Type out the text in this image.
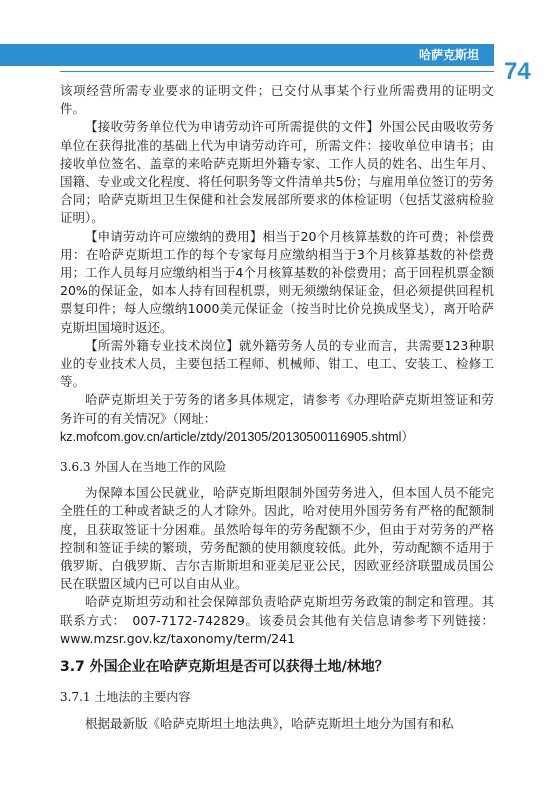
哈萨克斯坦
74

该项经营所需专业要求的证明文件；已交付从事某个行业所需费用的证明文件。

【接收劳务单位代为申请劳动许可所需提供的文件】外国公民由吸收劳务单位在获得批准的基础上代为申请劳动许可，所需文件：接收单位申请书；由接收单位签名、盖章的来哈萨克斯坦外籍专家、工作人员的姓名、出生年月、国籍、专业或文化程度、将任何职务等文件清单共5份；与雇用单位签订的劳务合同；哈萨克斯坦卫生保健和社会发展部所要求的体检证明（包括艾滋病检验证明）。

【申请劳动许可应缴纳的费用】相当于20个月核算基数的许可费；补偿费用：在哈萨克斯坦工作的每个专家每月应缴纳相当于3个月核算基数的补偿费用；工作人员每月应缴纳相当于4个月核算基数的补偿费用；高于回程机票金额20%的保证金，如本人持有回程机票，则无须缴纳保证金，但必须提供回程机票复印件；每人应缴纳1000美元保证金（按当时比价兑换成坚戈），离开哈萨克斯坦国境时返还。

【所需外籍专业技术岗位】就外籍劳务人员的专业而言，共需要123种职业的专业技术人员，主要包括工程师、机械师、钳工、电工、安装工、检修工等。

哈萨克斯坦关于劳务的诸多具体规定，请参考《办理哈萨克斯坦签证和劳务许可的有关情况》（网址：

kz.mofcom.gov.cn/article/ztdy/201305/20130500116905.shtml）

3.6.3 外国人在当地工作的风险

为保障本国公民就业，哈萨克斯坦限制外国劳务进入，但本国人员不能完全胜任的工种或者缺乏的人才除外。因此，哈对使用外国劳务有严格的配额制度，且获取签证十分困难。虽然哈每年的劳务配额不少，但由于对劳务的严格控制和签证手续的繁琐，劳务配额的使用额度较低。此外，劳动配额不适用于俄罗斯、白俄罗斯、吉尔吉斯斯坦和亚美尼亚公民，因欧亚经济联盟成员国公民在联盟区域内已可以自由从业。

哈萨克斯坦劳动和社会保障部负责哈萨克斯坦劳务政策的制定和管理。其联系方式：　007-7172-742829。该委员会其他有关信息请参考下列链接：www.mzsr.gov.kz/taxonomy/term/241

3.7 外国企业在哈萨克斯坦是否可以获得土地/林地？
3.7.1 土地法的主要内容

根据最新版《哈萨克斯坦土地法典》，哈萨克斯坦土地分为国有和私
